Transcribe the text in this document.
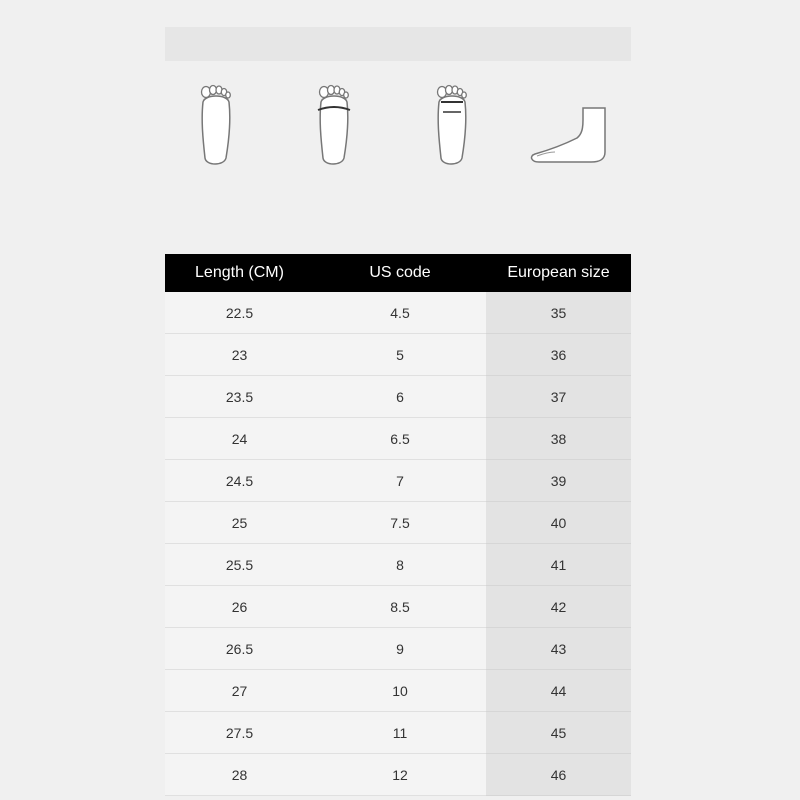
Length (CM)	US code	European size
22.5	4.5	35
23	5	36
23.5	6	37
24	6.5	38
24.5	7	39
25	7.5	40
25.5	8	41
26	8.5	42
26.5	9	43
27	10	44
27.5	11	45
28	12	46
